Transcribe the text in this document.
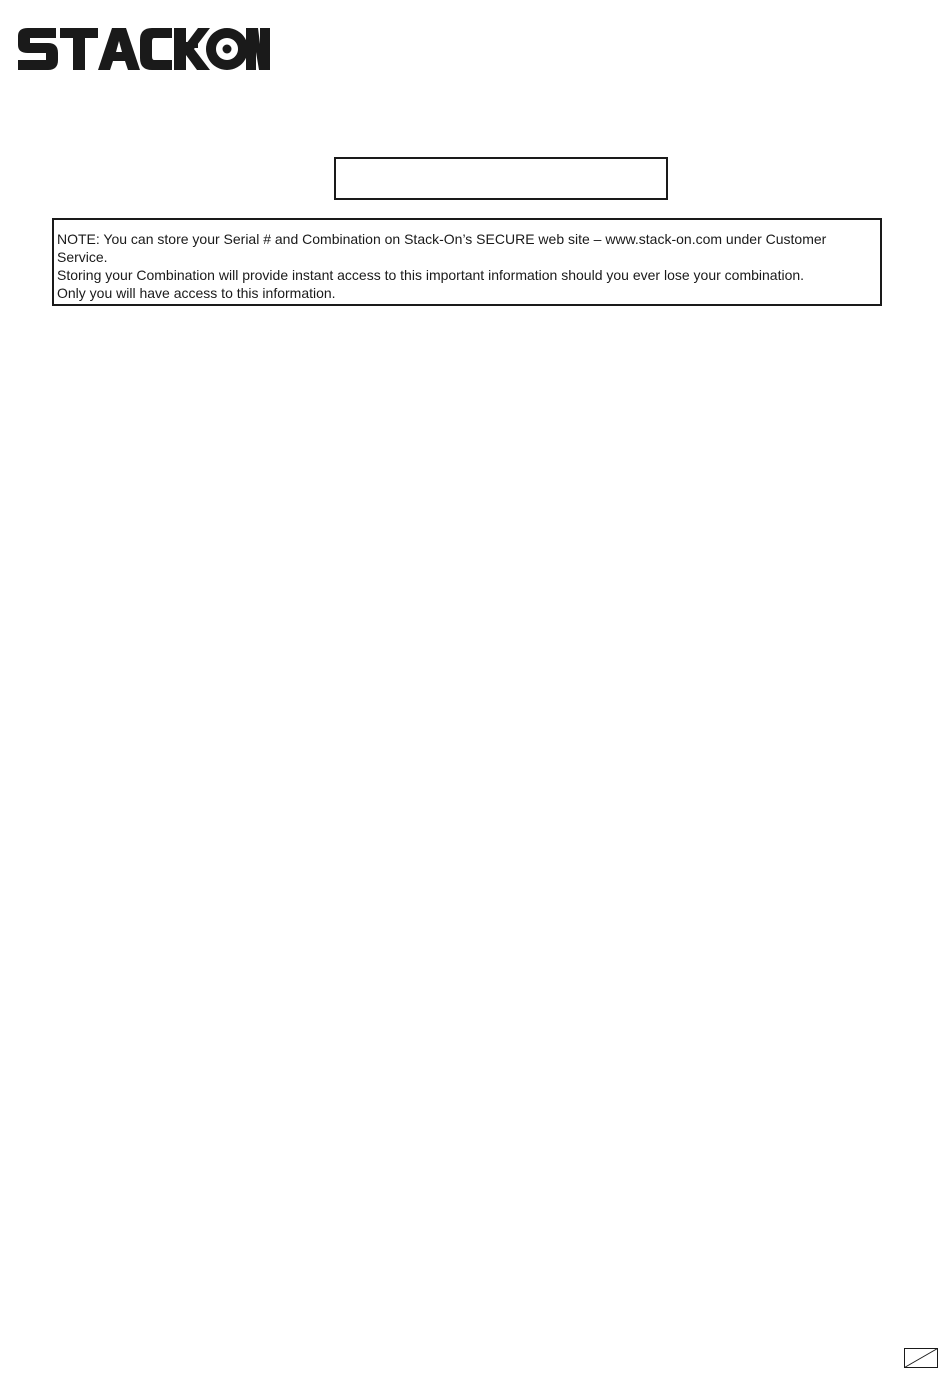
NOTE: You can store your Serial # and Combination on Stack-On’s SECURE web site – www.stack-on.com under Customer Service.
Storing your Combination will provide instant access to this important information should you ever lose your combination.
Only you will have access to this information.
